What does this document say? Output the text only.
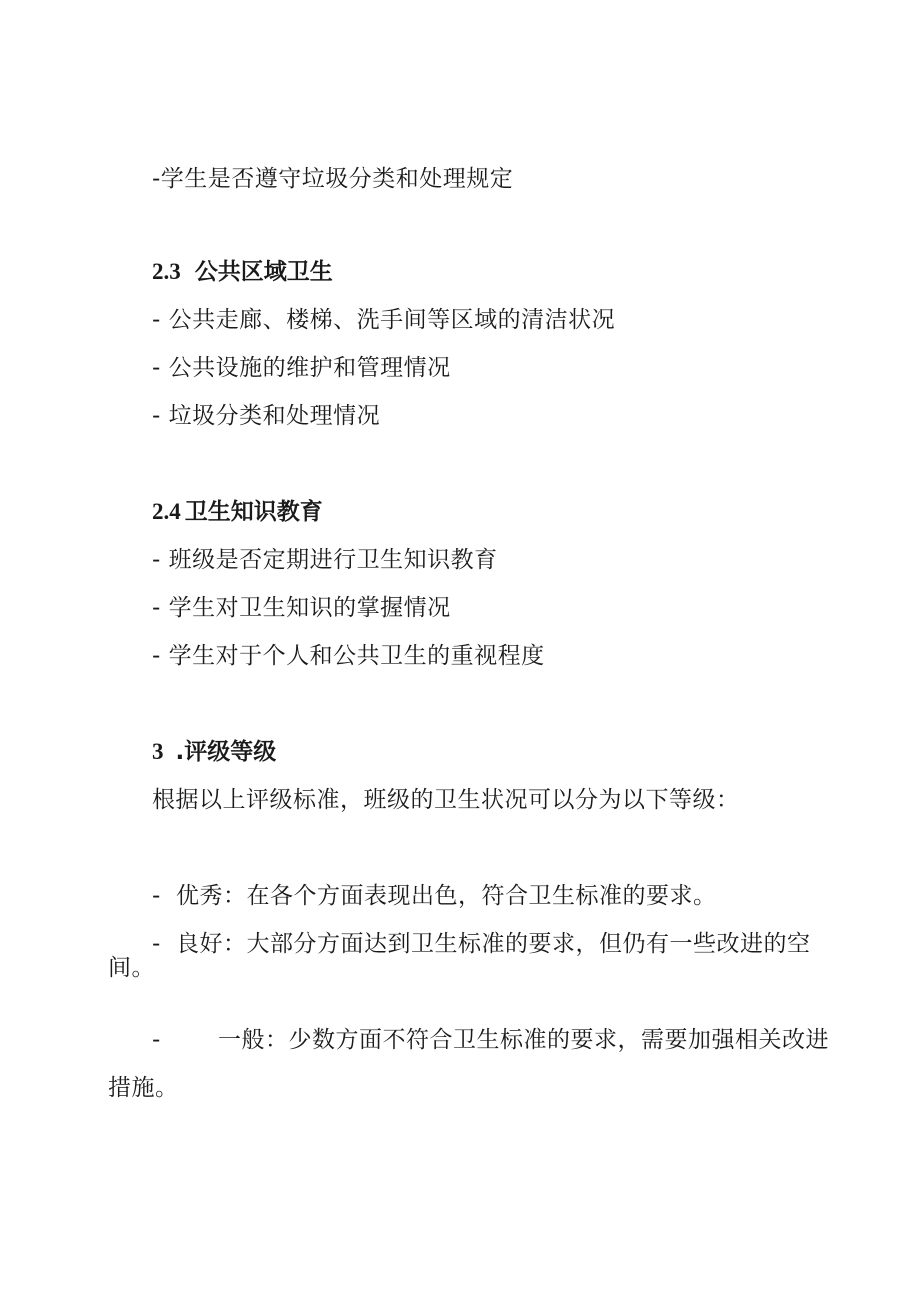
-学生是否遵守垃圾分类和处理规定
2.3 公共区域卫生
- 公共走廊、楼梯、洗手间等区域的清洁状况
- 公共设施的维护和管理情况
- 垃圾分类和处理情况
2.4 卫生知识教育
- 班级是否定期进行卫生知识教育
- 学生对卫生知识的掌握情况
- 学生对于个人和公共卫生的重视程度
3 .评级等级
根据以上评级标准，班级的卫生状况可以分为以下等级：
- 优秀：在各个方面表现出色，符合卫生标准的要求。
- 良好：大部分方面达到卫生标准的要求，但仍有一些改进的空
间。
- 一般：少数方面不符合卫生标准的要求，需要加强相关改进
措施。
